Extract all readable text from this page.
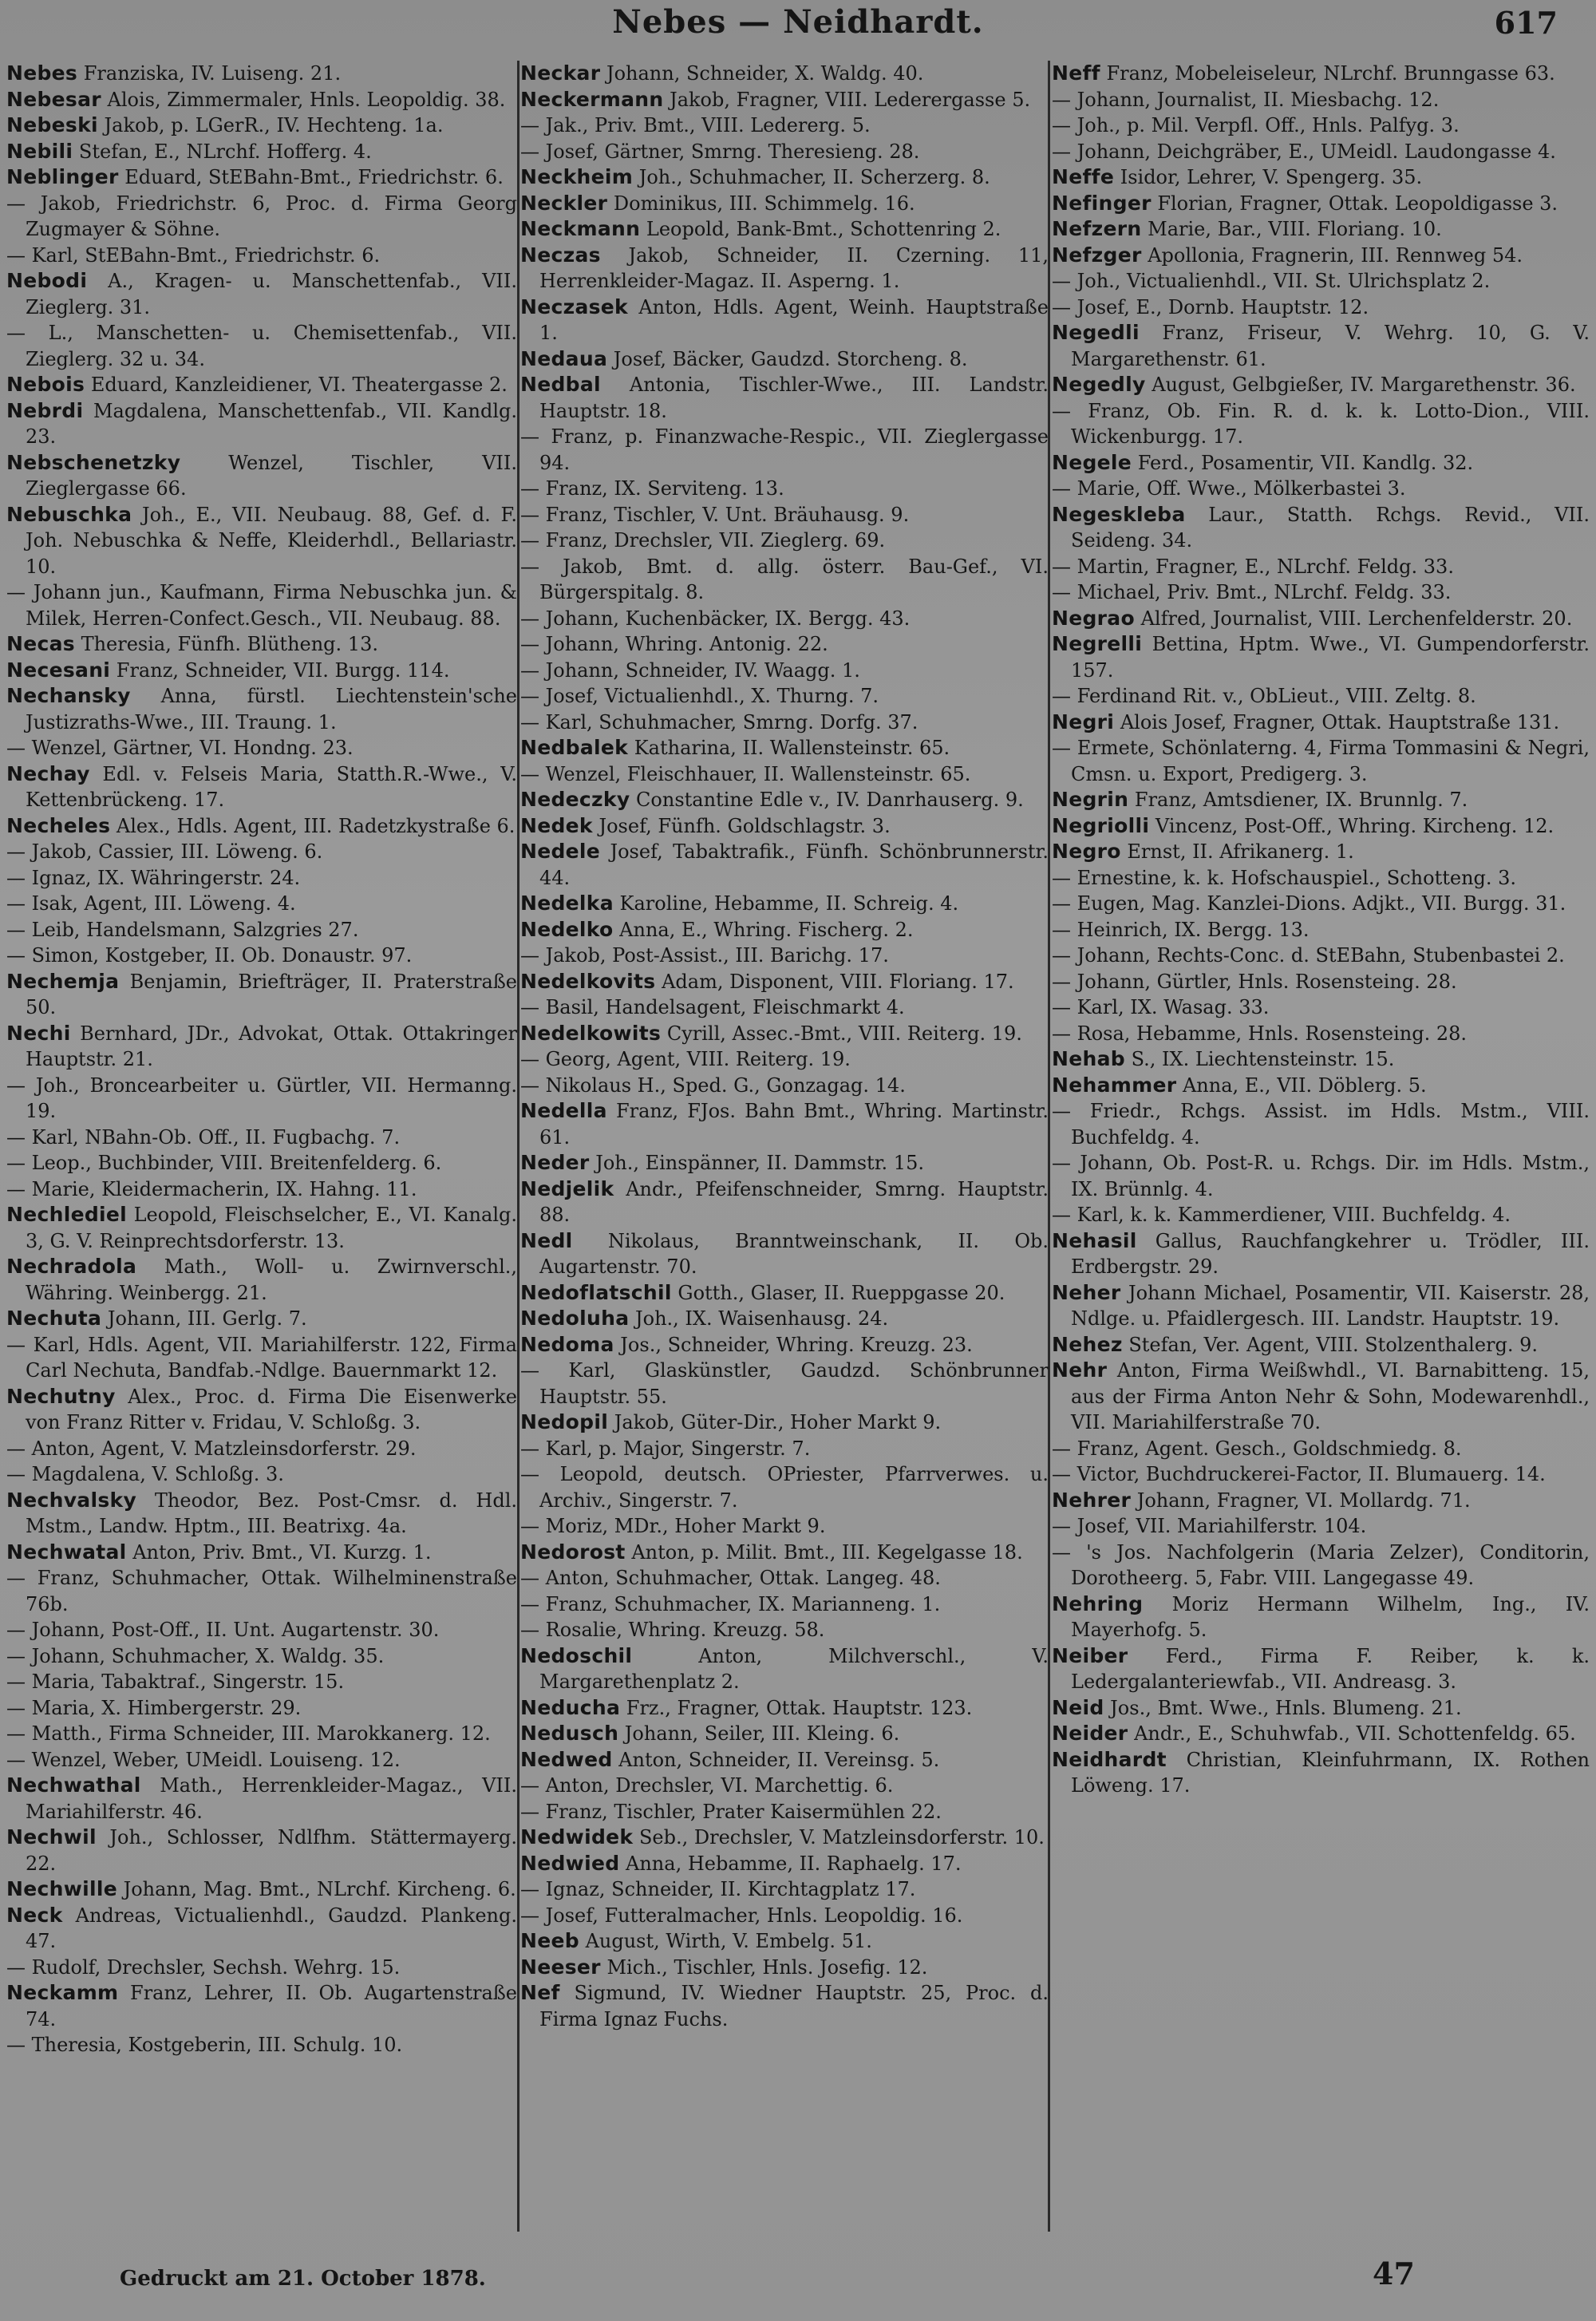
Nebes — Neidhardt.	617

Nebes Franziska, IV. Luiseng. 21.

Nebesar Alois, Zimmermaler, Hnls. Leopoldig. 38.

Nebeski Jakob, p. LGerR., IV. Hechteng. 1a.

Nebili Stefan, E., NLrchf. Hofferg. 4.

Neblinger Eduard, StEBahn-Bmt., Friedrichstr. 6.

— Jakob, Friedrichstr. 6, Proc. d. Firma Georg Zugmayer & Söhne.

— Karl, StEBahn-Bmt., Friedrichstr. 6.

Nebodi A., Kragen- u. Manschettenfab., VII. Zieglerg. 31.

— L., Manschetten- u. Chemisettenfab., VII. Zieglerg. 32 u. 34.

Nebois Eduard, Kanzleidiener, VI. Theatergasse 2.

Nebrdi Magdalena, Manschettenfab., VII. Kandlg. 23.

Nebschenetzky Wenzel, Tischler, VII. Zieglergasse 66.

Nebuschka Joh., E., VII. Neubaug. 88, Gef. d. F. Joh. Nebuschka & Neffe, Kleiderhdl., Bellariastr. 10.

— Johann jun., Kaufmann, Firma Nebuschka jun. & Milek, Herren-Confect.Gesch., VII. Neubaug. 88.

Necas Theresia, Fünfh. Blütheng. 13.

Necesani Franz, Schneider, VII. Burgg. 114.

Nechansky Anna, fürstl. Liechtenstein'sche Justizraths-Wwe., III. Traung. 1.

— Wenzel, Gärtner, VI. Hondng. 23.

Nechay Edl. v. Felseis Maria, Statth.R.-Wwe., V. Kettenbrückeng. 17.

Necheles Alex., Hdls. Agent, III. Radetzkystraße 6.

— Jakob, Cassier, III. Löweng. 6.

— Ignaz, IX. Währingerstr. 24.

— Isak, Agent, III. Löweng. 4.

— Leib, Handelsmann, Salzgries 27.

— Simon, Kostgeber, II. Ob. Donaustr. 97.

Nechemja Benjamin, Briefträger, II. Praterstraße 50.

Nechi Bernhard, JDr., Advokat, Ottak. Ottakringer Hauptstr. 21.

— Joh., Broncearbeiter u. Gürtler, VII. Hermanng. 19.

— Karl, NBahn-Ob. Off., II. Fugbachg. 7.

— Leop., Buchbinder, VIII. Breitenfelderg. 6.

— Marie, Kleidermacherin, IX. Hahng. 11.

Nechlediel Leopold, Fleischselcher, E., VI. Kanalg. 3, G. V. Reinprechtsdorferstr. 13.

Nechradola Math., Woll- u. Zwirnverschl., Währing. Weinbergg. 21.

Nechuta Johann, III. Gerlg. 7.

— Karl, Hdls. Agent, VII. Mariahilferstr. 122, Firma Carl Nechuta, Bandfab.-Ndlge. Bauernmarkt 12.

Nechutny Alex., Proc. d. Firma Die Eisenwerke von Franz Ritter v. Fridau, V. Schloßg. 3.

— Anton, Agent, V. Matzleinsdorferstr. 29.

— Magdalena, V. Schloßg. 3.

Nechvalsky Theodor, Bez. Post-Cmsr. d. Hdl. Mstm., Landw. Hptm., III. Beatrixg. 4a.

Nechwatal Anton, Priv. Bmt., VI. Kurzg. 1.

— Franz, Schuhmacher, Ottak. Wilhelminenstraße 76b.

— Johann, Post-Off., II. Unt. Augartenstr. 30.

— Johann, Schuhmacher, X. Waldg. 35.

— Maria, Tabaktraf., Singerstr. 15.

— Maria, X. Himbergerstr. 29.

— Matth., Firma Schneider, III. Marokkanerg. 12.

— Wenzel, Weber, UMeidl. Louiseng. 12.

Nechwathal Math., Herrenkleider-Magaz., VII. Mariahilferstr. 46.

Nechwil Joh., Schlosser, Ndlfhm. Stättermayerg. 22.

Nechwille Johann, Mag. Bmt., NLrchf. Kircheng. 6.

Neck Andreas, Victualienhdl., Gaudzd. Plankeng. 47.

— Rudolf, Drechsler, Sechsh. Wehrg. 15.

Neckamm Franz, Lehrer, II. Ob. Augartenstraße 74.

— Theresia, Kostgeberin, III. Schulg. 10.

Neckar Johann, Schneider, X. Waldg. 40.

Neckermann Jakob, Fragner, VIII. Lederergasse 5.

— Jak., Priv. Bmt., VIII. Ledererg. 5.

— Josef, Gärtner, Smrng. Theresieng. 28.

Neckheim Joh., Schuhmacher, II. Scherzerg. 8.

Neckler Dominikus, III. Schimmelg. 16.

Neckmann Leopold, Bank-Bmt., Schottenring 2.

Neczas Jakob, Schneider, II. Czerning. 11, Herrenkleider-Magaz. II. Asperng. 1.

Neczasek Anton, Hdls. Agent, Weinh. Hauptstraße 1.

Nedaua Josef, Bäcker, Gaudzd. Storcheng. 8.

Nedbal Antonia, Tischler-Wwe., III. Landstr. Hauptstr. 18.

— Franz, p. Finanzwache-Respic., VII. Zieglergasse 94.

— Franz, IX. Serviteng. 13.

— Franz, Tischler, V. Unt. Bräuhausg. 9.

— Franz, Drechsler, VII. Zieglerg. 69.

— Jakob, Bmt. d. allg. österr. Bau-Gef., VI. Bürgerspitalg. 8.

— Johann, Kuchenbäcker, IX. Bergg. 43.

— Johann, Whring. Antonig. 22.

— Johann, Schneider, IV. Waagg. 1.

— Josef, Victualienhdl., X. Thurng. 7.

— Karl, Schuhmacher, Smrng. Dorfg. 37.

Nedbalek Katharina, II. Wallensteinstr. 65.

— Wenzel, Fleischhauer, II. Wallensteinstr. 65.

Nedeczky Constantine Edle v., IV. Danrhauserg. 9.

Nedek Josef, Fünfh. Goldschlagstr. 3.

Nedele Josef, Tabaktrafik., Fünfh. Schönbrunnerstr. 44.

Nedelka Karoline, Hebamme, II. Schreig. 4.

Nedelko Anna, E., Whring. Fischerg. 2.

— Jakob, Post-Assist., III. Barichg. 17.

Nedelkovits Adam, Disponent, VIII. Floriang. 17.

— Basil, Handelsagent, Fleischmarkt 4.

Nedelkowits Cyrill, Assec.-Bmt., VIII. Reiterg. 19.

— Georg, Agent, VIII. Reiterg. 19.

— Nikolaus H., Sped. G., Gonzagag. 14.

Nedella Franz, FJos. Bahn Bmt., Whring. Martinstr. 61.

Neder Joh., Einspänner, II. Dammstr. 15.

Nedjelik Andr., Pfeifenschneider, Smrng. Hauptstr. 88.

Nedl Nikolaus, Branntweinschank, II. Ob. Augartenstr. 70.

Nedoflatschil Gotth., Glaser, II. Rueppgasse 20.

Nedoluha Joh., IX. Waisenhausg. 24.

Nedoma Jos., Schneider, Whring. Kreuzg. 23.

— Karl, Glaskünstler, Gaudzd. Schönbrunner Hauptstr. 55.

Nedopil Jakob, Güter-Dir., Hoher Markt 9.

— Karl, p. Major, Singerstr. 7.

— Leopold, deutsch. OPriester, Pfarrverwes. u. Archiv., Singerstr. 7.

— Moriz, MDr., Hoher Markt 9.

Nedorost Anton, p. Milit. Bmt., III. Kegelgasse 18.

— Anton, Schuhmacher, Ottak. Langeg. 48.

— Franz, Schuhmacher, IX. Marianneng. 1.

— Rosalie, Whring. Kreuzg. 58.

Nedoschil Anton, Milchverschl., V. Margarethenplatz 2.

Neducha Frz., Fragner, Ottak. Hauptstr. 123.

Nedusch Johann, Seiler, III. Kleing. 6.

Nedwed Anton, Schneider, II. Vereinsg. 5.

— Anton, Drechsler, VI. Marchettig. 6.

— Franz, Tischler, Prater Kaisermühlen 22.

Nedwidek Seb., Drechsler, V. Matzleinsdorferstr. 10.

Nedwied Anna, Hebamme, II. Raphaelg. 17.

— Ignaz, Schneider, II. Kirchtagplatz 17.

— Josef, Futteralmacher, Hnls. Leopoldig. 16.

Neeb August, Wirth, V. Embelg. 51.

Neeser Mich., Tischler, Hnls. Josefig. 12.

Nef Sigmund, IV. Wiedner Hauptstr. 25, Proc. d. Firma Ignaz Fuchs.

Neff Franz, Mobeleiseleur, NLrchf. Brunngasse 63.

— Johann, Journalist, II. Miesbachg. 12.

— Joh., p. Mil. Verpfl. Off., Hnls. Palfyg. 3.

— Johann, Deichgräber, E., UMeidl. Laudongasse 4.

Neffe Isidor, Lehrer, V. Spengerg. 35.

Nefinger Florian, Fragner, Ottak. Leopoldigasse 3.

Nefzern Marie, Bar., VIII. Floriang. 10.

Nefzger Apollonia, Fragnerin, III. Rennweg 54.

— Joh., Victualienhdl., VII. St. Ulrichsplatz 2.

— Josef, E., Dornb. Hauptstr. 12.

Negedli Franz, Friseur, V. Wehrg. 10, G. V. Margarethenstr. 61.

Negedly August, Gelbgießer, IV. Margarethenstr. 36.

— Franz, Ob. Fin. R. d. k. k. Lotto-Dion., VIII. Wickenburgg. 17.

Negele Ferd., Posamentir, VII. Kandlg. 32.

— Marie, Off. Wwe., Mölkerbastei 3.

Negeskleba Laur., Statth. Rchgs. Revid., VII. Seideng. 34.

— Martin, Fragner, E., NLrchf. Feldg. 33.

— Michael, Priv. Bmt., NLrchf. Feldg. 33.

Negrao Alfred, Journalist, VIII. Lerchenfelderstr. 20.

Negrelli Bettina, Hptm. Wwe., VI. Gumpendorferstr. 157.

— Ferdinand Rit. v., ObLieut., VIII. Zeltg. 8.

Negri Alois Josef, Fragner, Ottak. Hauptstraße 131.

— Ermete, Schönlaterng. 4, Firma Tommasini & Negri, Cmsn. u. Export, Predigerg. 3.

Negrin Franz, Amtsdiener, IX. Brunnlg. 7.

Negriolli Vincenz, Post-Off., Whring. Kircheng. 12.

Negro Ernst, II. Afrikanerg. 1.

— Ernestine, k. k. Hofschauspiel., Schotteng. 3.

— Eugen, Mag. Kanzlei-Dions. Adjkt., VII. Burgg. 31.

— Heinrich, IX. Bergg. 13.

— Johann, Rechts-Conc. d. StEBahn, Stubenbastei 2.

— Johann, Gürtler, Hnls. Rosensteing. 28.

— Karl, IX. Wasag. 33.

— Rosa, Hebamme, Hnls. Rosensteing. 28.

Nehab S., IX. Liechtensteinstr. 15.

Nehammer Anna, E., VII. Döblerg. 5.

— Friedr., Rchgs. Assist. im Hdls. Mstm., VIII. Buchfeldg. 4.

— Johann, Ob. Post-R. u. Rchgs. Dir. im Hdls. Mstm., IX. Brünnlg. 4.

— Karl, k. k. Kammerdiener, VIII. Buchfeldg. 4.

Nehasil Gallus, Rauchfangkehrer u. Trödler, III. Erdbergstr. 29.

Neher Johann Michael, Posamentir, VII. Kaiserstr. 28, Ndlge. u. Pfaidlergesch. III. Landstr. Hauptstr. 19.

Nehez Stefan, Ver. Agent, VIII. Stolzenthalerg. 9.

Nehr Anton, Firma Weißwhdl., VI. Barnabitteng. 15, aus der Firma Anton Nehr & Sohn, Modewarenhdl., VII. Mariahilferstraße 70.

— Franz, Agent. Gesch., Goldschmiedg. 8.

— Victor, Buchdruckerei-Factor, II. Blumauerg. 14.

Nehrer Johann, Fragner, VI. Mollardg. 71.

— Josef, VII. Mariahilferstr. 104.

— 's Jos. Nachfolgerin (Maria Zelzer), Conditorin, Dorotheerg. 5, Fabr. VIII. Langegasse 49.

Nehring Moriz Hermann Wilhelm, Ing., IV. Mayerhofg. 5.

Neiber Ferd., Firma F. Reiber, k. k. Ledergalanteriewfab., VII. Andreasg. 3.

Neid Jos., Bmt. Wwe., Hnls. Blumeng. 21.

Neider Andr., E., Schuhwfab., VII. Schottenfeldg. 65.

Neidhardt Christian, Kleinfuhrmann, IX. Rothen Löweng. 17.

Gedruckt am 21. October 1878.	47
